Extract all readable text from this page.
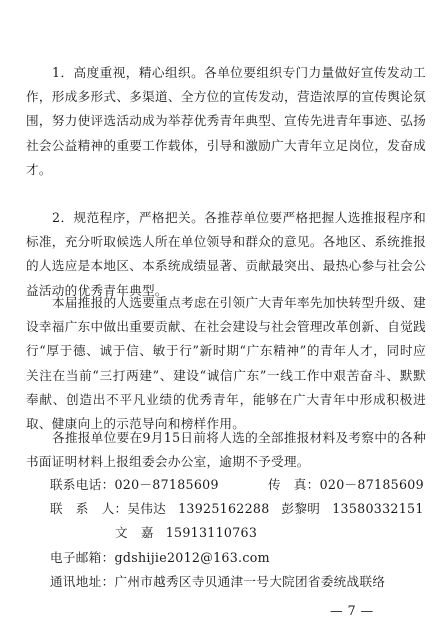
1．高度重视，精心组织。各单位要组织专门力量做好宣传发动工作，形成多形式、多渠道、全方位的宣传发动，营造浓厚的宣传舆论氛围，努力使评选活动成为举荐优秀青年典型、宣传先进青年事迹、弘扬社会公益精神的重要工作载体，引导和激励广大青年立足岗位，发奋成才。
2．规范程序，严格把关。各推荐单位要严格把握人选推报程序和标准，充分听取候选人所在单位领导和群众的意见。各地区、系统推报的人选应是本地区、本系统成绩显著、贡献最突出、最热心参与社会公益活动的优秀青年典型。
本届推报的人选要重点考虑在引领广大青年率先加快转型升级、建设幸福广东中做出重要贡献、在社会建设与社会管理改革创新、自觉践行“厚于德、诚于信、敏于行”新时期“广东精神”的青年人才，同时应关注在当前“三打两建”、建设“诚信广东”一线工作中艰苦奋斗、默默奉献、创造出不平凡业绩的优秀青年，能够在广大青年中形成积极进取、健康向上的示范导向和榜样作用。
各推报单位要在9月15日前将人选的全部推报材料及考察中的各种书面证明材料上报组委会办公室，逾期不予受理。
联系电话：020－87185609	传　真：020－87185609
联　系　人：吴伟达 13925162288 彭黎明 13580332151
文　嘉 15913110763
电子邮箱：gdshijie2012@163.com
通讯地址：广州市越秀区寺贝通津一号大院团省委统战联络
— 7 —
